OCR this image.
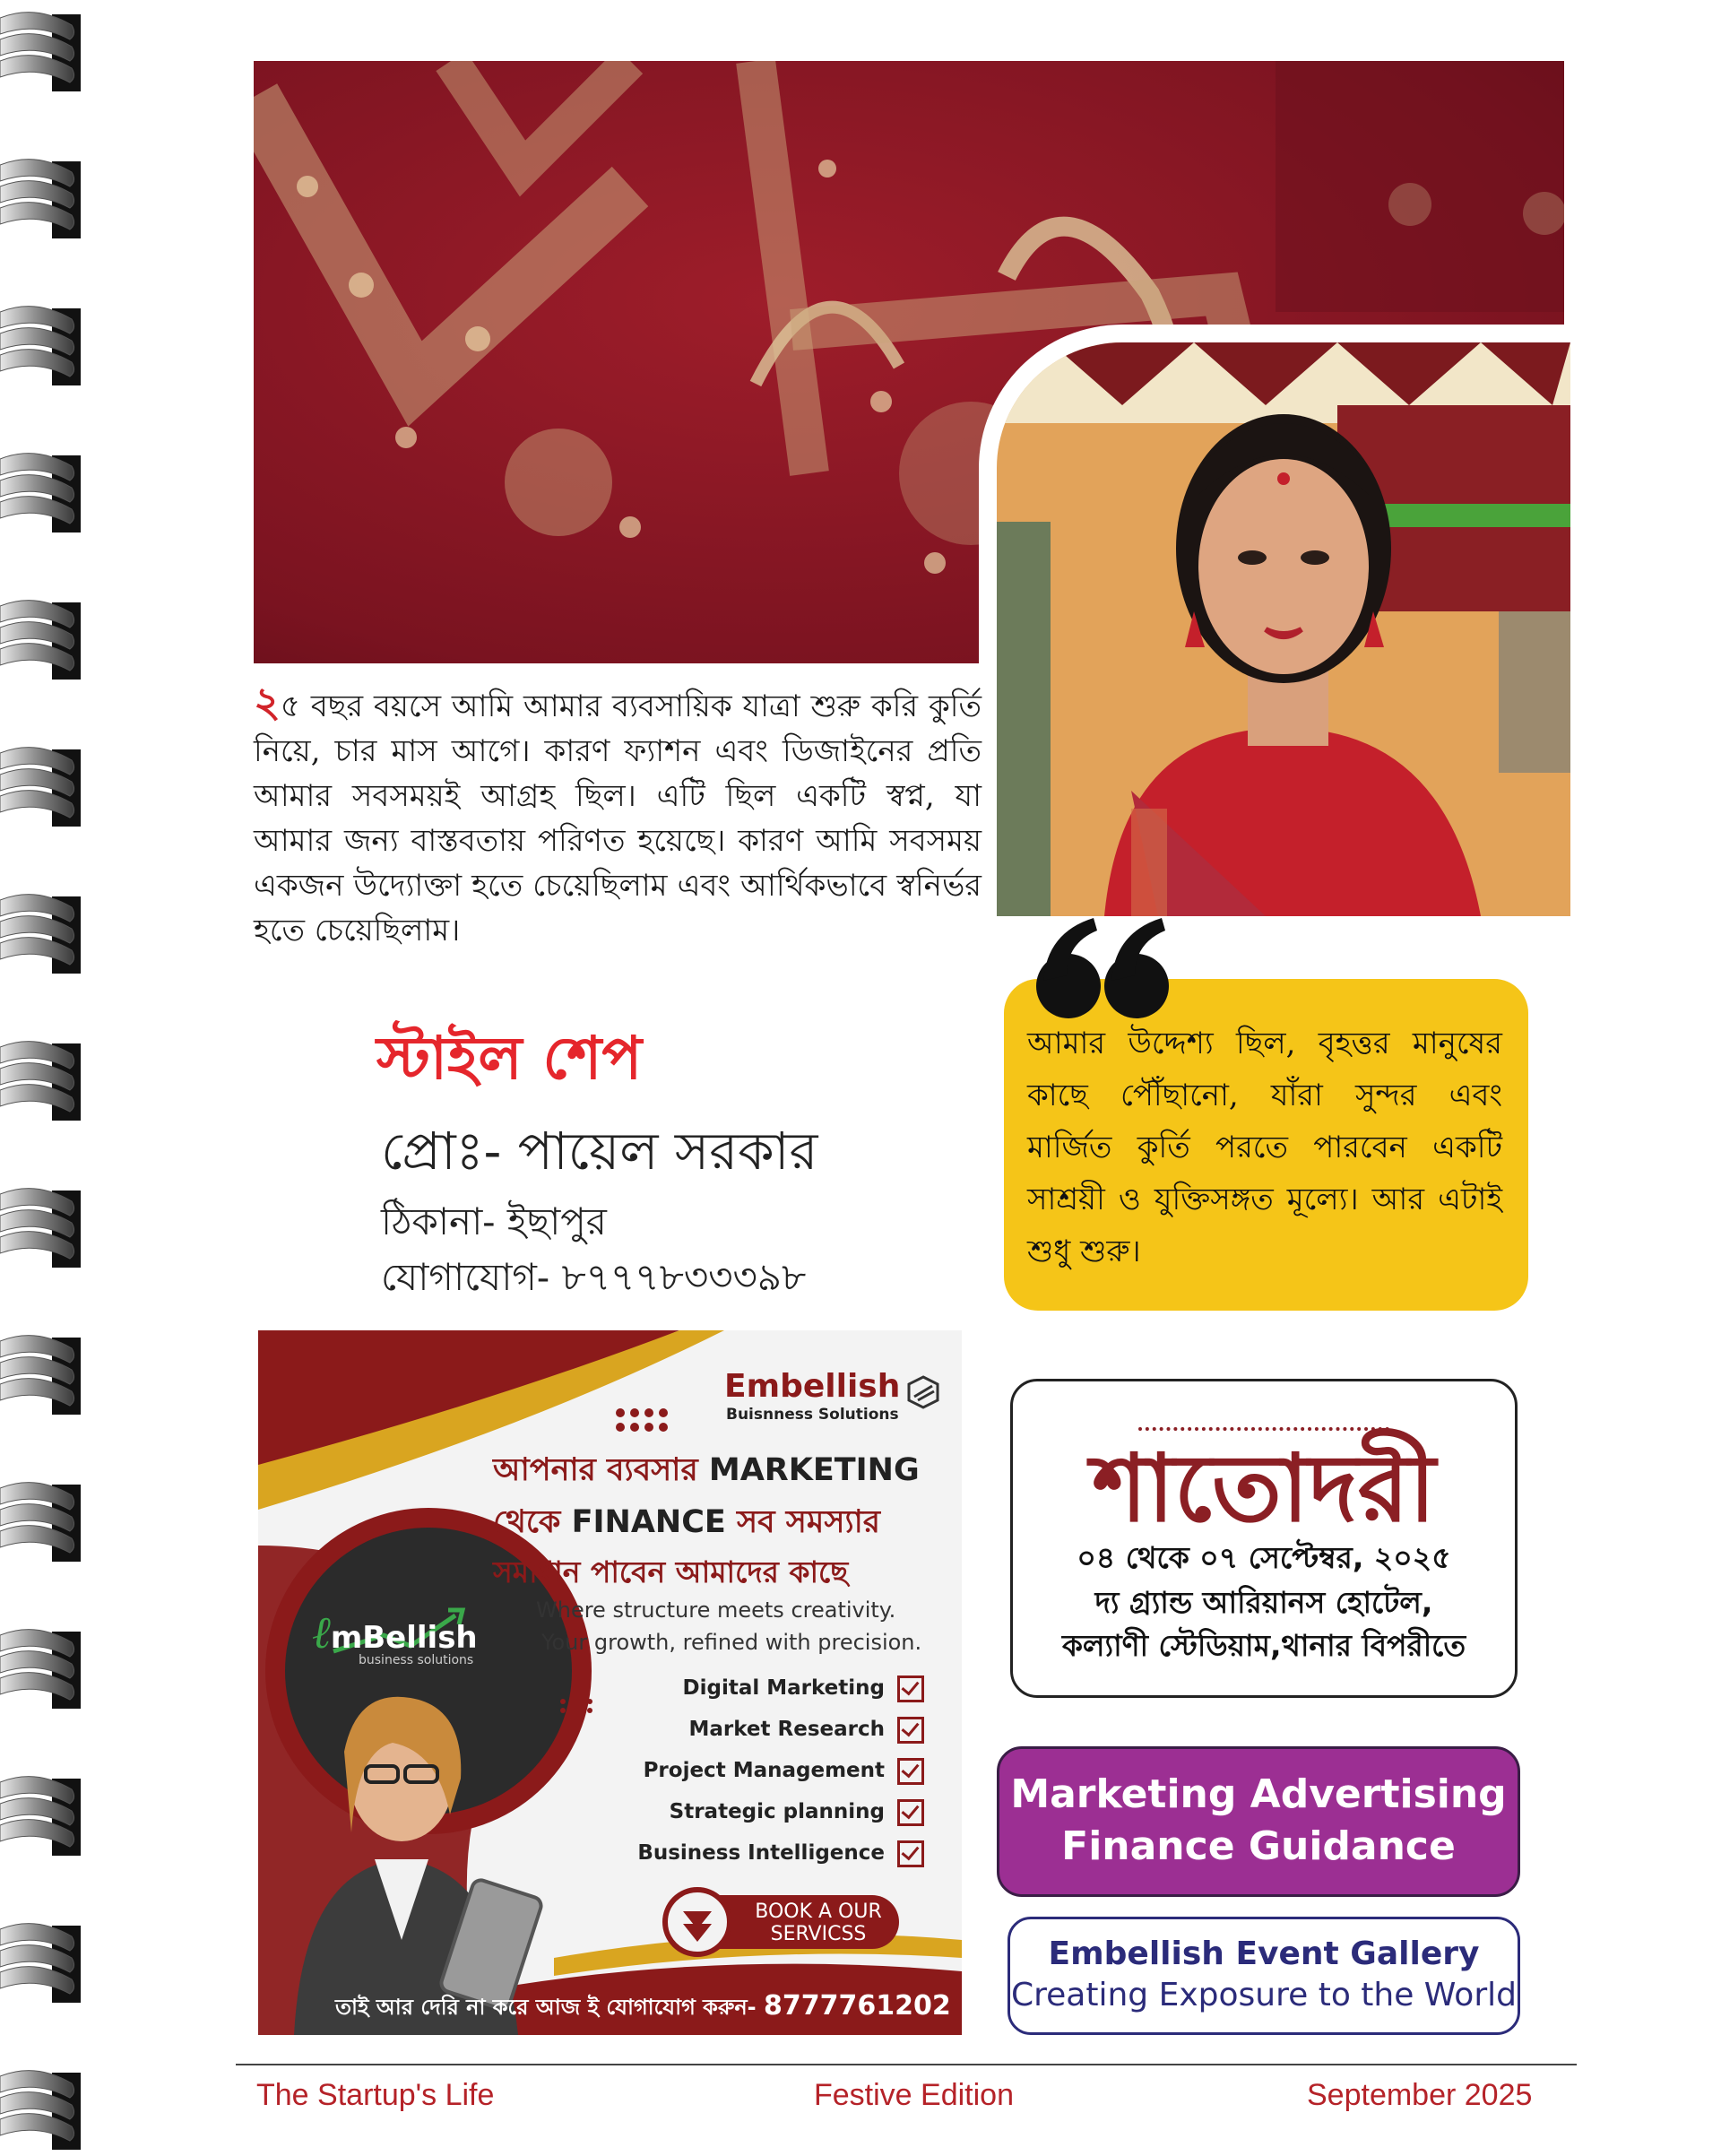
২৫ বছর বয়সে আমি আমার ব্যবসায়িক যাত্রা শুরু করি কুর্তি নিয়ে, চার মাস আগে। কারণ ফ্যাশন এবং ডিজাইনের প্রতি আমার সবসময়ই আগ্রহ ছিল। এটি ছিল একটি স্বপ্ন, যা আমার জন্য বাস্তবতায় পরিণত হয়েছে। কারণ আমি সবসময় একজন উদ্যোক্তা হতে চেয়েছিলাম এবং আর্থিকভাবে স্বনির্ভর হতে চেয়েছিলাম।
স্টাইল শেপ
প্রোঃ- পায়েল সরকার
ঠিকানা- ইছাপুর
যোগাযোগ- ৮৭৭৭৮৩৩৩৯৮
আমার উদ্দেশ্য ছিল, বৃহত্তর মানুষের কাছে পৌঁছানো, যাঁরা সুন্দর এবং মার্জিত কুর্তি পরতে পারবেন একটি সাশ্রয়ী ও যুক্তিসঙ্গত মূল্যে। আর এটাই শুধু শুরু।
Embellish
Buisnness Solutions
আপনার ব্যবসার MARKETING
থেকে FINANCE সব সমস্যার
সমাধান পাবেন আমাদের কাছে
Where structure meets creativity.
Your growth, refined with precision.
ℓmBellish
business solutions
Digital Marketing
Market Research
Project Management
Strategic planning
Business Intelligence
BOOK A OUR
SERVICSS
তাই আর দেরি না করে আজ ই যোগাযোগ করুন- 8777761202
শাতোদরী
০৪ থেকে ০৭ সেপ্টেম্বর, ২০২৫
দ্য গ্র্যান্ড আরিয়ানস হোটেল,
কল্যাণী স্টেডিয়াম,থানার বিপরীতে
Marketing Advertising
Finance Guidance
Embellish Event Gallery
Creating Exposure to the World
The Startup's Life	Festive Edition	September 2025
